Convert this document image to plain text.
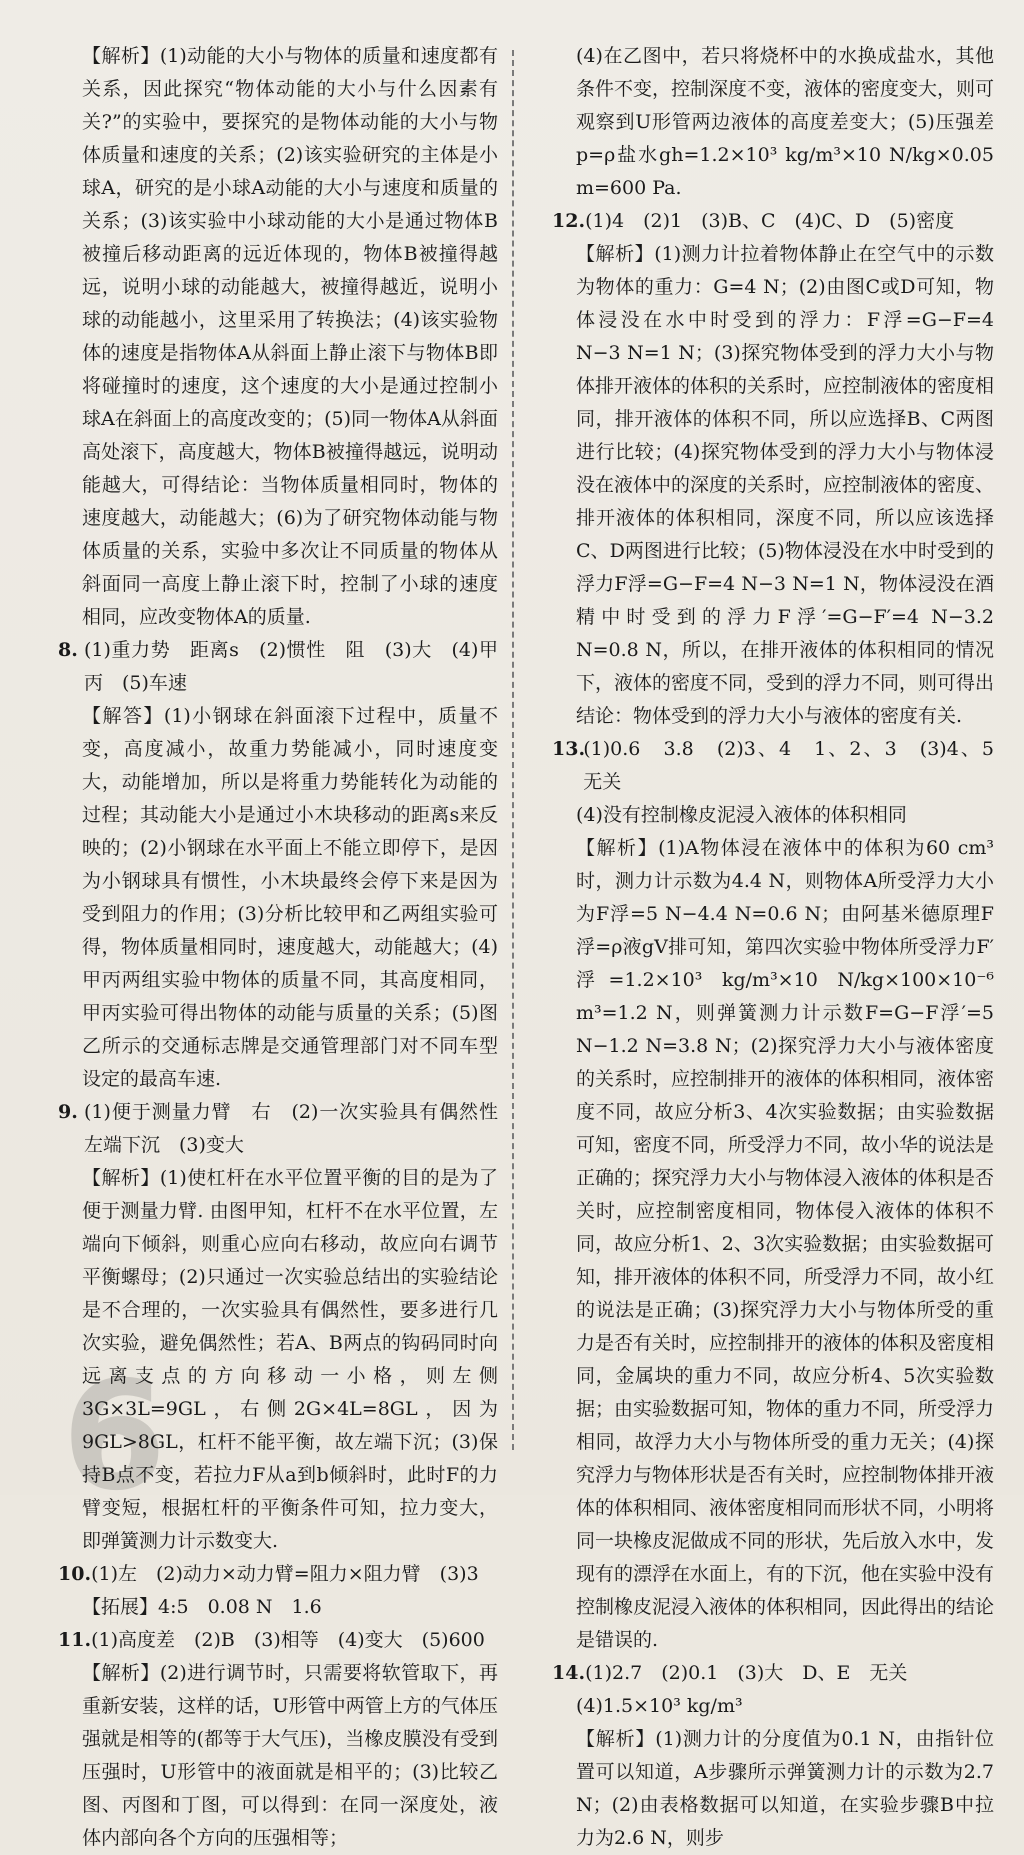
6

【解析】(1)动能的大小与物体的质量和速度都有关系，因此探究“物体动能的大小与什么因素有关?”的实验中，要探究的是物体动能的大小与物体质量和速度的关系；(2)该实验研究的主体是小球A，研究的是小球A动能的大小与速度和质量的关系；(3)该实验中小球动能的大小是通过物体B被撞后移动距离的远近体现的，物体B被撞得越远，说明小球的动能越大，被撞得越近，说明小球的动能越小，这里采用了转换法；(4)该实验物体的速度是指物体A从斜面上静止滚下与物体B即将碰撞时的速度，这个速度的大小是通过控制小球A在斜面上的高度改变的；(5)同一物体A从斜面高处滚下，高度越大，物体B被撞得越远，说明动能越大，可得结论：当物体质量相同时，物体的速度越大，动能越大；(6)为了研究物体动能与物体质量的关系，实验中多次让不同质量的物体从斜面同一高度上静止滚下时，控制了小球的速度相同，应改变物体A的质量.

8. (1)重力势　距离s　(2)惯性　阻　(3)大　(4)甲丙　(5)车速

【解答】(1)小钢球在斜面滚下过程中，质量不变，高度减小，故重力势能减小，同时速度变大，动能增加，所以是将重力势能转化为动能的过程；其动能大小是通过小木块移动的距离s来反映的；(2)小钢球在水平面上不能立即停下，是因为小钢球具有惯性，小木块最终会停下来是因为受到阻力的作用；(3)分析比较甲和乙两组实验可得，物体质量相同时，速度越大，动能越大；(4)甲丙两组实验中物体的质量不同，其高度相同，甲丙实验可得出物体的动能与质量的关系；(5)图乙所示的交通标志牌是交通管理部门对不同车型设定的最高车速.

9. (1)便于测量力臂　右　(2)一次实验具有偶然性　左端下沉　(3)变大

【解析】(1)使杠杆在水平位置平衡的目的是为了便于测量力臂. 由图甲知，杠杆不在水平位置，左端向下倾斜，则重心应向右移动，故应向右调节平衡螺母；(2)只通过一次实验总结出的实验结论是不合理的，一次实验具有偶然性，要多进行几次实验，避免偶然性；若A、B两点的钩码同时向远离支点的方向移动一小格，则左侧3G×3L=9GL，右侧2G×4L=8GL，因为9GL>8GL，杠杆不能平衡，故左端下沉；(3)保持B点不变，若拉力F从a到b倾斜时，此时F的力臂变短，根据杠杆的平衡条件可知，拉力变大，即弹簧测力计示数变大.

10. (1)左　(2)动力×动力臂=阻力×阻力臂　(3)3

【拓展】4:5　0.08 N　1.6

11. (1)高度差　(2)B　(3)相等　(4)变大　(5)600

【解析】(2)进行调节时，只需要将软管取下，再重新安装，这样的话，U形管中两管上方的气体压强就是相等的(都等于大气压)，当橡皮膜没有受到压强时，U形管中的液面就是相平的；(3)比较乙图、丙图和丁图，可以得到：在同一深度处，液体内部向各个方向的压强相等；

(4)在乙图中，若只将烧杯中的水换成盐水，其他条件不变，控制深度不变，液体的密度变大，则可观察到U形管两边液体的高度差变大；(5)压强差p=ρ盐水gh=1.2×10³ kg/m³×10 N/kg×0.05 m=600 Pa.

12. (1)4　(2)1　(3)B、C　(4)C、D　(5)密度

【解析】(1)测力计拉着物体静止在空气中的示数为物体的重力：G=4 N；(2)由图C或D可知，物体浸没在水中时受到的浮力：F浮=G−F=4 N−3 N=1 N；(3)探究物体受到的浮力大小与物体排开液体的体积的关系时，应控制液体的密度相同，排开液体的体积不同，所以应选择B、C两图进行比较；(4)探究物体受到的浮力大小与物体浸没在液体中的深度的关系时，应控制液体的密度、排开液体的体积相同，深度不同，所以应该选择C、D两图进行比较；(5)物体浸没在水中时受到的浮力F浮=G−F=4 N−3 N=1 N，物体浸没在酒精中时受到的浮力F浮′=G−F′=4 N−3.2 N=0.8 N，所以，在排开液体的体积相同的情况下，液体的密度不同，受到的浮力不同，则可得出结论：物体受到的浮力大小与液体的密度有关.

13.
(1)0.6　3.8　(2)3、4　1、2、3　(3)4、5　无关

(4)没有控制橡皮泥浸入液体的体积相同

【解析】(1)A物体浸在液体中的体积为60 cm³时，测力计示数为4.4 N，则物体A所受浮力大小为F浮=5 N−4.4 N=0.6 N；由阿基米德原理F浮=ρ液gV排可知，第四次实验中物体所受浮力F′浮=1.2×10³ kg/m³×10 N/kg×100×10⁻⁶ m³=1.2 N，则弹簧测力计示数F=G−F浮′=5 N−1.2 N=3.8 N；(2)探究浮力大小与液体密度的关系时，应控制排开的液体的体积相同，液体密度不同，故应分析3、4次实验数据；由实验数据可知，密度不同，所受浮力不同，故小华的说法是正确的；探究浮力大小与物体浸入液体的体积是否关时，应控制密度相同，物体侵入液体的体积不同，故应分析1、2、3次实验数据；由实验数据可知，排开液体的体积不同，所受浮力不同，故小红的说法是正确；(3)探究浮力大小与物体所受的重力是否有关时，应控制排开的液体的体积及密度相同，金属块的重力不同，故应分析4、5次实验数据；由实验数据可知，物体的重力不同，所受浮力相同，故浮力大小与物体所受的重力无关；(4)探究浮力与物体形状是否有关时，应控制物体排开液体的体积相同、液体密度相同而形状不同，小明将同一块橡皮泥做成不同的形状，先后放入水中，发现有的漂浮在水面上，有的下沉，他在实验中没有控制橡皮泥浸入液体的体积相同，因此得出的结论是错误的.

14. (1)2.7　(2)0.1　(3)大　D、E　无关

(4)1.5×10³ kg/m³

【解析】(1)测力计的分度值为0.1 N，由指针位置可以知道，A步骤所示弹簧测力计的示数为2.7 N；(2)由表格数据可以知道，在实验步骤B中拉力为2.6 N，则步
